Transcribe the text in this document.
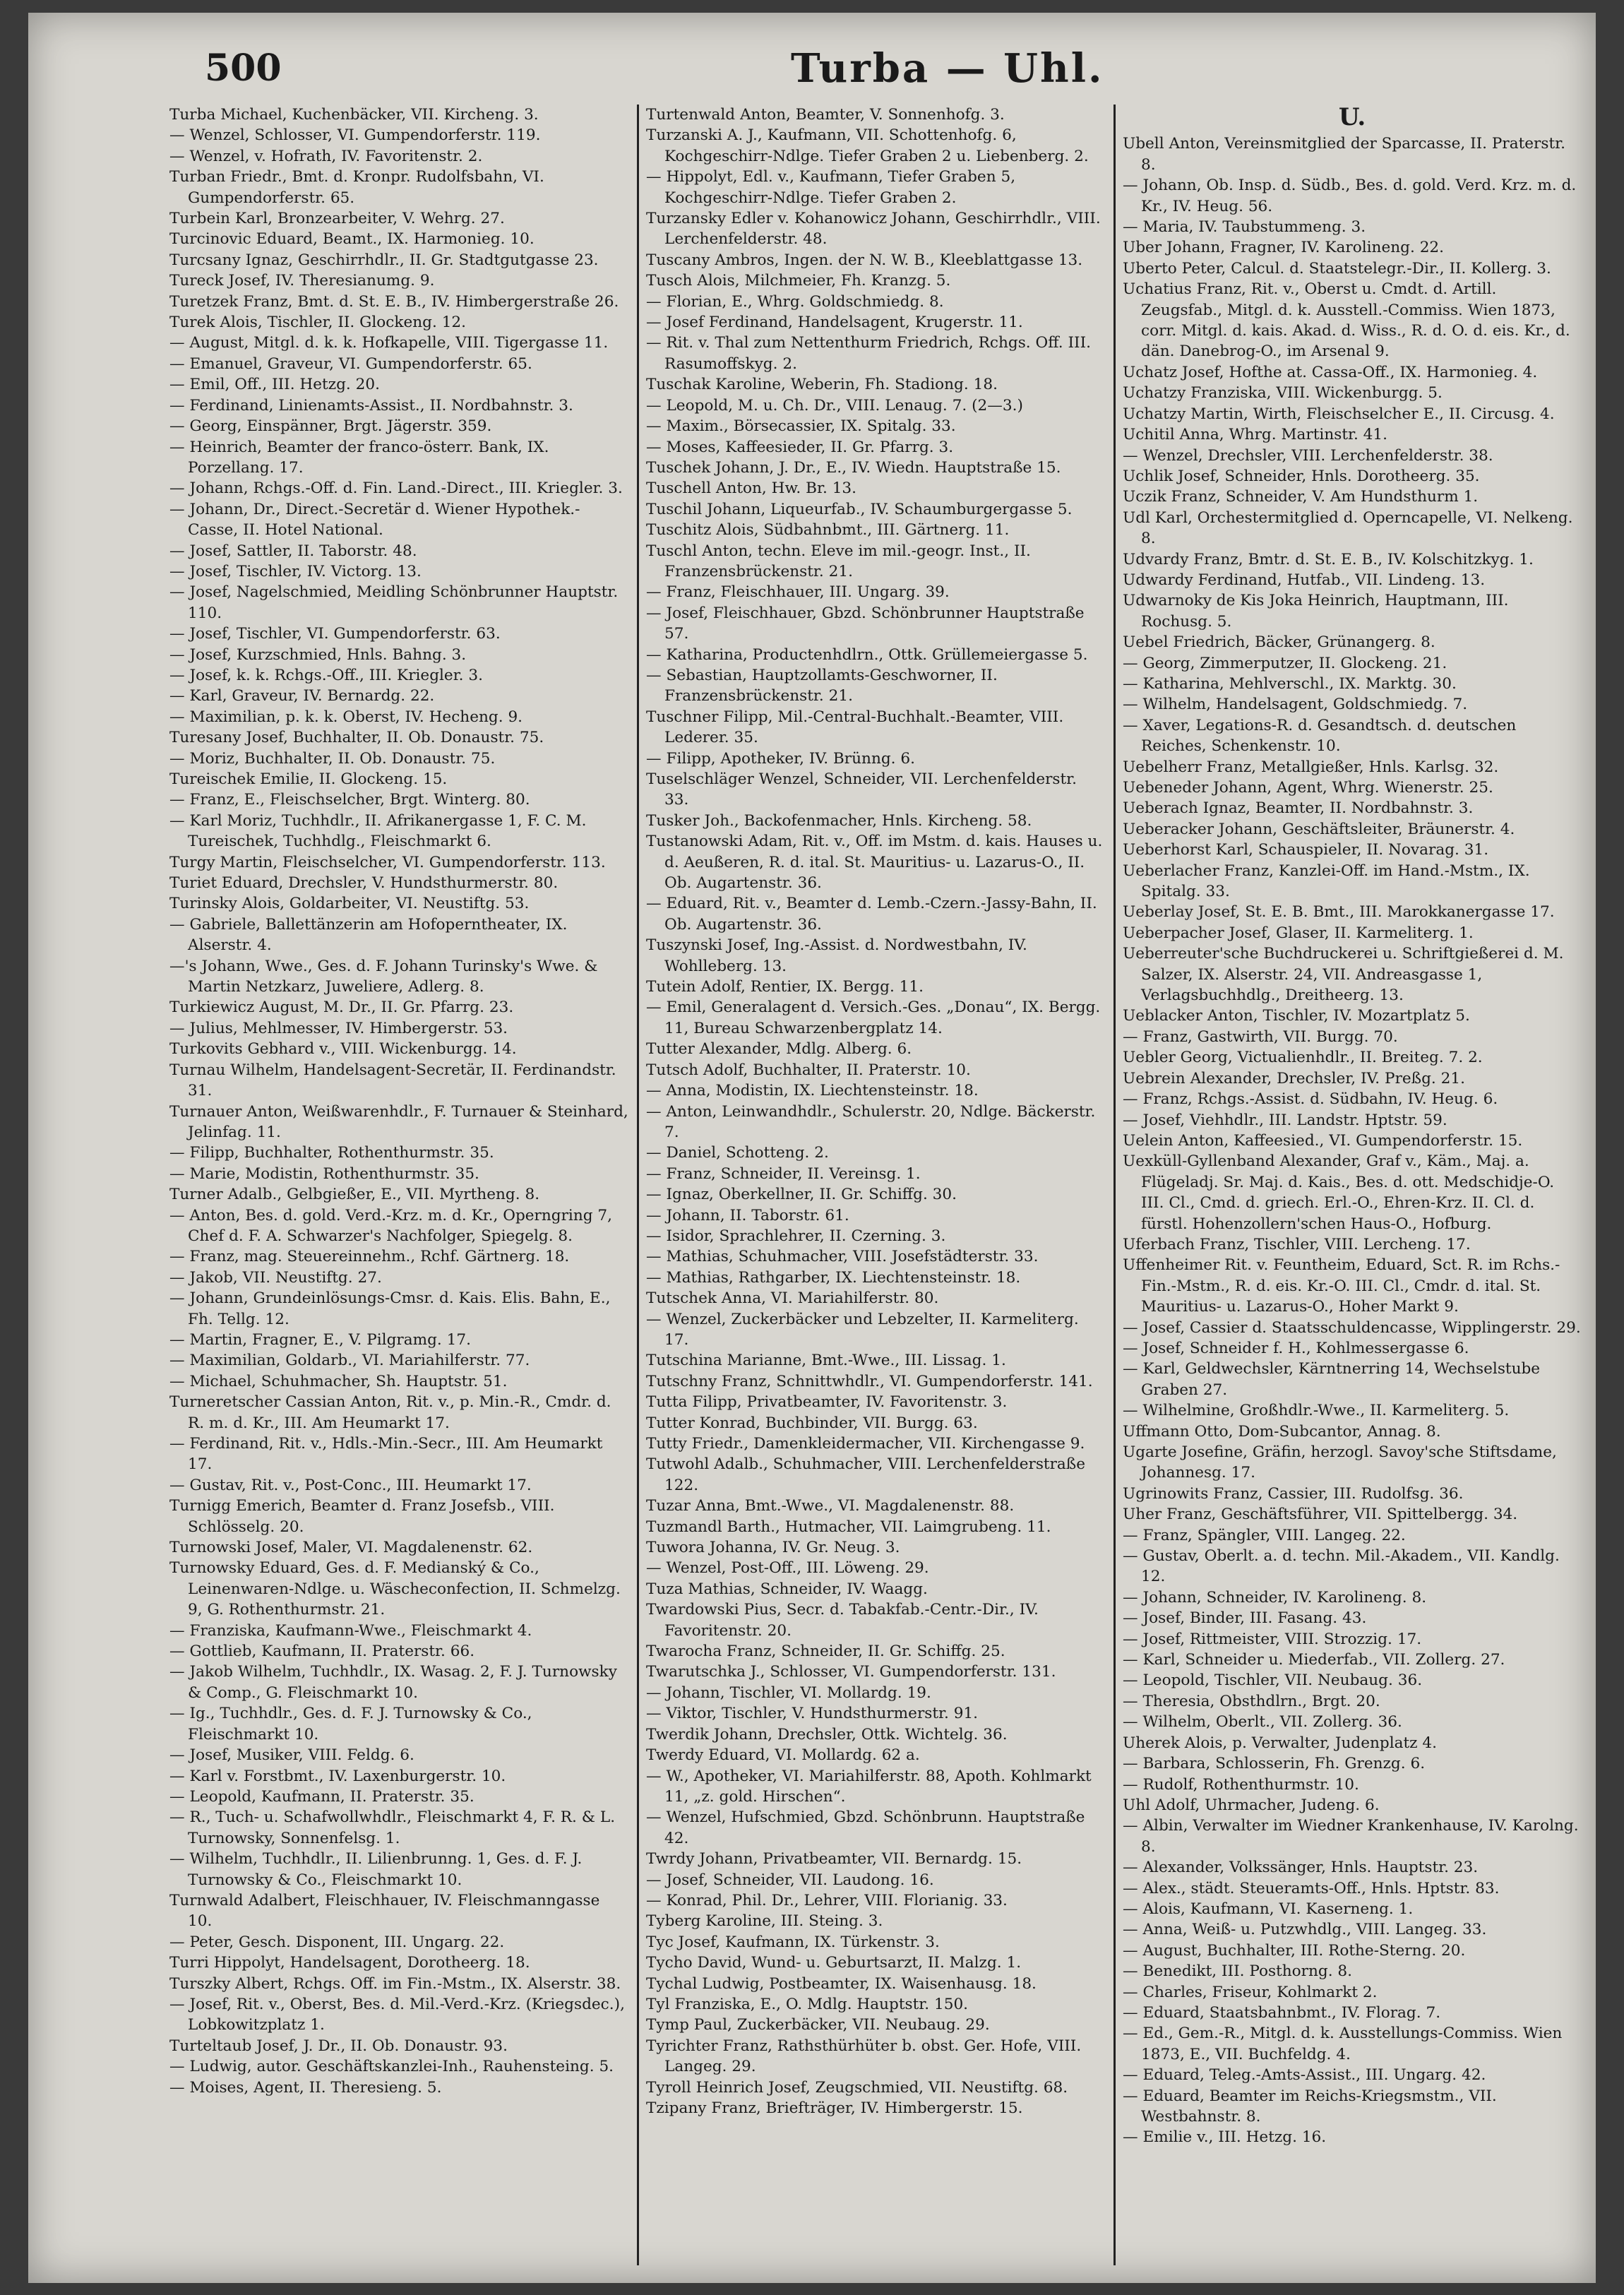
500	Turba — Uhl.
Turba Michael, Kuchenbäcker, VII. Kircheng. 3.
— Wenzel, Schlosser, VI. Gumpendorferstr. 119.
— Wenzel, v. Hofrath, IV. Favoritenstr. 2.
Turban Friedr., Bmt. d. Kronpr. Rudolfsbahn, VI. Gumpendorferstr. 65.
Turbein Karl, Bronzearbeiter, V. Wehrg. 27.
Turcinovic Eduard, Beamt., IX. Harmonieg. 10.
Turcsany Ignaz, Geschirrhdlr., II. Gr. Stadtgutgasse 23.
Tureck Josef, IV. Theresianumg. 9.
Turetzek Franz, Bmt. d. St. E. B., IV. Himbergerstraße 26.
Turek Alois, Tischler, II. Glockeng. 12.
— August, Mitgl. d. k. k. Hofkapelle, VIII. Tigergasse 11.
— Emanuel, Graveur, VI. Gumpendorferstr. 65.
— Emil, Off., III. Hetzg. 20.
— Ferdinand, Linienamts-Assist., II. Nordbahnstr. 3.
— Georg, Einspänner, Brgt. Jägerstr. 359.
— Heinrich, Beamter der franco-österr. Bank, IX. Porzellang. 17.
— Johann, Rchgs.-Off. d. Fin. Land.-Direct., III. Kriegler. 3.
— Johann, Dr., Direct.-Secretär d. Wiener Hypothek.-Casse, II. Hotel National.
— Josef, Sattler, II. Taborstr. 48.
— Josef, Tischler, IV. Victorg. 13.
— Josef, Nagelschmied, Meidling Schönbrunner Hauptstr. 110.
— Josef, Tischler, VI. Gumpendorferstr. 63.
— Josef, Kurzschmied, Hnls. Bahng. 3.
— Josef, k. k. Rchgs.-Off., III. Kriegler. 3.
— Karl, Graveur, IV. Bernardg. 22.
— Maximilian, p. k. k. Oberst, IV. Hecheng. 9.
Turesany Josef, Buchhalter, II. Ob. Donaustr. 75.
— Moriz, Buchhalter, II. Ob. Donaustr. 75.
Tureischek Emilie, II. Glockeng. 15.
— Franz, E., Fleischselcher, Brgt. Winterg. 80.
— Karl Moriz, Tuchhdlr., II. Afrikanergasse 1, F. C. M. Tureischek, Tuchhdlg., Fleischmarkt 6.
Turgy Martin, Fleischselcher, VI. Gumpendorferstr. 113.
Turiet Eduard, Drechsler, V. Hundsthurmerstr. 80.
Turinsky Alois, Goldarbeiter, VI. Neustiftg. 53.
— Gabriele, Ballettänzerin am Hofoperntheater, IX. Alserstr. 4.
—'s Johann, Wwe., Ges. d. F. Johann Turinsky's Wwe. & Martin Netzkarz, Juweliere, Adlerg. 8.
Turkiewicz August, M. Dr., II. Gr. Pfarrg. 23.
— Julius, Mehlmesser, IV. Himbergerstr. 53.
Turkovits Gebhard v., VIII. Wickenburgg. 14.
Turnau Wilhelm, Handelsagent-Secretär, II. Ferdinandstr. 31.
Turnauer Anton, Weißwarenhdlr., F. Turnauer & Steinhard, Jelinfag. 11.
— Filipp, Buchhalter, Rothenthurmstr. 35.
— Marie, Modistin, Rothenthurmstr. 35.
Turner Adalb., Gelbgießer, E., VII. Myrtheng. 8.
— Anton, Bes. d. gold. Verd.-Krz. m. d. Kr., Operngring 7, Chef d. F. A. Schwarzer's Nachfolger, Spiegelg. 8.
— Franz, mag. Steuereinnehm., Rchf. Gärtnerg. 18.
— Jakob, VII. Neustiftg. 27.
— Johann, Grundeinlösungs-Cmsr. d. Kais. Elis. Bahn, E., Fh. Tellg. 12.
— Martin, Fragner, E., V. Pilgramg. 17.
— Maximilian, Goldarb., VI. Mariahilferstr. 77.
— Michael, Schuhmacher, Sh. Hauptstr. 51.
Turneretscher Cassian Anton, Rit. v., p. Min.-R., Cmdr. d. R. m. d. Kr., III. Am Heumarkt 17.
— Ferdinand, Rit. v., Hdls.-Min.-Secr., III. Am Heumarkt 17.
— Gustav, Rit. v., Post-Conc., III. Heumarkt 17.
Turnigg Emerich, Beamter d. Franz Josefsb., VIII. Schlösselg. 20.
Turnowski Josef, Maler, VI. Magdalenenstr. 62.
Turnowsky Eduard, Ges. d. F. Medianský & Co., Leinenwaren-Ndlge. u. Wäscheconfection, II. Schmelzg. 9, G. Rothenthurmstr. 21.
— Franziska, Kaufmann-Wwe., Fleischmarkt 4.
— Gottlieb, Kaufmann, II. Praterstr. 66.
— Jakob Wilhelm, Tuchhdlr., IX. Wasag. 2, F. J. Turnowsky & Comp., G. Fleischmarkt 10.
— Ig., Tuchhdlr., Ges. d. F. J. Turnowsky & Co., Fleischmarkt 10.
— Josef, Musiker, VIII. Feldg. 6.
— Karl v. Forstbmt., IV. Laxenburgerstr. 10.
— Leopold, Kaufmann, II. Praterstr. 35.
— R., Tuch- u. Schafwollwhdlr., Fleischmarkt 4, F. R. & L. Turnowsky, Sonnenfelsg. 1.
— Wilhelm, Tuchhdlr., II. Lilienbrunng. 1, Ges. d. F. J. Turnowsky & Co., Fleischmarkt 10.
Turnwald Adalbert, Fleischhauer, IV. Fleischmanngasse 10.
— Peter, Gesch. Disponent, III. Ungarg. 22.
Turri Hippolyt, Handelsagent, Dorotheerg. 18.
Turszky Albert, Rchgs. Off. im Fin.-Mstm., IX. Alserstr. 38.
— Josef, Rit. v., Oberst, Bes. d. Mil.-Verd.-Krz. (Kriegsdec.), Lobkowitzplatz 1.
Turteltaub Josef, J. Dr., II. Ob. Donaustr. 93.
— Ludwig, autor. Geschäftskanzlei-Inh., Rauhensteing. 5.
— Moises, Agent, II. Theresieng. 5.
Turtenwald Anton, Beamter, V. Sonnenhofg. 3.
Turzanski A. J., Kaufmann, VII. Schottenhofg. 6, Kochgeschirr-Ndlge. Tiefer Graben 2 u. Liebenberg. 2.
— Hippolyt, Edl. v., Kaufmann, Tiefer Graben 5, Kochgeschirr-Ndlge. Tiefer Graben 2.
Turzansky Edler v. Kohanowicz Johann, Geschirrhdlr., VIII. Lerchenfelderstr. 48.
Tuscany Ambros, Ingen. der N. W. B., Kleeblattgasse 13.
Tusch Alois, Milchmeier, Fh. Kranzg. 5.
— Florian, E., Whrg. Goldschmiedg. 8.
— Josef Ferdinand, Handelsagent, Krugerstr. 11.
— Rit. v. Thal zum Nettenthurm Friedrich, Rchgs. Off. III. Rasumoffskyg. 2.
Tuschak Karoline, Weberin, Fh. Stadiong. 18.
— Leopold, M. u. Ch. Dr., VIII. Lenaug. 7. (2—3.)
— Maxim., Börsecassier, IX. Spitalg. 33.
— Moses, Kaffeesieder, II. Gr. Pfarrg. 3.
Tuschek Johann, J. Dr., E., IV. Wiedn. Hauptstraße 15.
Tuschell Anton, Hw. Br. 13.
Tuschil Johann, Liqueurfab., IV. Schaumburgergasse 5.
Tuschitz Alois, Südbahnbmt., III. Gärtnerg. 11.
Tuschl Anton, techn. Eleve im mil.-geogr. Inst., II. Franzensbrückenstr. 21.
— Franz, Fleischhauer, III. Ungarg. 39.
— Josef, Fleischhauer, Gbzd. Schönbrunner Hauptstraße 57.
— Katharina, Productenhdlrn., Ottk. Grüllemeiergasse 5.
— Sebastian, Hauptzollamts-Geschworner, II. Franzensbrückenstr. 21.
Tuschner Filipp, Mil.-Central-Buchhalt.-Beamter, VIII. Lederer. 35.
— Filipp, Apotheker, IV. Brünng. 6.
Tuselschläger Wenzel, Schneider, VII. Lerchenfelderstr. 33.
Tusker Joh., Backofenmacher, Hnls. Kircheng. 58.
Tustanowski Adam, Rit. v., Off. im Mstm. d. kais. Hauses u. d. Aeußeren, R. d. ital. St. Mauritius- u. Lazarus-O., II. Ob. Augartenstr. 36.
— Eduard, Rit. v., Beamter d. Lemb.-Czern.-Jassy-Bahn, II. Ob. Augartenstr. 36.
Tuszynski Josef, Ing.-Assist. d. Nordwestbahn, IV. Wohlleberg. 13.
Tutein Adolf, Rentier, IX. Bergg. 11.
— Emil, Generalagent d. Versich.-Ges. „Donau“, IX. Bergg. 11, Bureau Schwarzenbergplatz 14.
Tutter Alexander, Mdlg. Alberg. 6.
Tutsch Adolf, Buchhalter, II. Praterstr. 10.
— Anna, Modistin, IX. Liechtensteinstr. 18.
— Anton, Leinwandhdlr., Schulerstr. 20, Ndlge. Bäckerstr. 7.
— Daniel, Schotteng. 2.
— Franz, Schneider, II. Vereinsg. 1.
— Ignaz, Oberkellner, II. Gr. Schiffg. 30.
— Johann, II. Taborstr. 61.
— Isidor, Sprachlehrer, II. Czerning. 3.
— Mathias, Schuhmacher, VIII. Josefstädterstr. 33.
— Mathias, Rathgarber, IX. Liechtensteinstr. 18.
Tutschek Anna, VI. Mariahilferstr. 80.
— Wenzel, Zuckerbäcker und Lebzelter, II. Karmeliterg. 17.
Tutschina Marianne, Bmt.-Wwe., III. Lissag. 1.
Tutschny Franz, Schnittwhdlr., VI. Gumpendorferstr. 141.
Tutta Filipp, Privatbeamter, IV. Favoritenstr. 3.
Tutter Konrad, Buchbinder, VII. Burgg. 63.
Tutty Friedr., Damenkleidermacher, VII. Kirchengasse 9.
Tutwohl Adalb., Schuhmacher, VIII. Lerchenfelderstraße 122.
Tuzar Anna, Bmt.-Wwe., VI. Magdalenenstr. 88.
Tuzmandl Barth., Hutmacher, VII. Laimgrubeng. 11.
Tuwora Johanna, IV. Gr. Neug. 3.
— Wenzel, Post-Off., III. Löweng. 29.
Tuza Mathias, Schneider, IV. Waagg.
Twardowski Pius, Secr. d. Tabakfab.-Centr.-Dir., IV. Favoritenstr. 20.
Twarocha Franz, Schneider, II. Gr. Schiffg. 25.
Twarutschka J., Schlosser, VI. Gumpendorferstr. 131.
— Johann, Tischler, VI. Mollardg. 19.
— Viktor, Tischler, V. Hundsthurmerstr. 91.
Twerdik Johann, Drechsler, Ottk. Wichtelg. 36.
Twerdy Eduard, VI. Mollardg. 62 a.
— W., Apotheker, VI. Mariahilferstr. 88, Apoth. Kohlmarkt 11, „z. gold. Hirschen“.
— Wenzel, Hufschmied, Gbzd. Schönbrunn. Hauptstraße 42.
Twrdy Johann, Privatbeamter, VII. Bernardg. 15.
— Josef, Schneider, VII. Laudong. 16.
— Konrad, Phil. Dr., Lehrer, VIII. Florianig. 33.
Tyberg Karoline, III. Steing. 3.
Tyc Josef, Kaufmann, IX. Türkenstr. 3.
Tycho David, Wund- u. Geburtsarzt, II. Malzg. 1.
Tychal Ludwig, Postbeamter, IX. Waisenhausg. 18.
Tyl Franziska, E., O. Mdlg. Hauptstr. 150.
Tymp Paul, Zuckerbäcker, VII. Neubaug. 29.
Tyrichter Franz, Rathsthürhüter b. obst. Ger. Hofe, VIII. Langeg. 29.
Tyroll Heinrich Josef, Zeugschmied, VII. Neustiftg. 68.
Tzipany Franz, Briefträger, IV. Himbergerstr. 15.
U.
Ubell Anton, Vereinsmitglied der Sparcasse, II. Praterstr. 8.
— Johann, Ob. Insp. d. Südb., Bes. d. gold. Verd. Krz. m. d. Kr., IV. Heug. 56.
— Maria, IV. Taubstummeng. 3.
Uber Johann, Fragner, IV. Karolineng. 22.
Uberto Peter, Calcul. d. Staatstelegr.-Dir., II. Kollerg. 3.
Uchatius Franz, Rit. v., Oberst u. Cmdt. d. Artill. Zeugsfab., Mitgl. d. k. Ausstell.-Commiss. Wien 1873, corr. Mitgl. d. kais. Akad. d. Wiss., R. d. O. d. eis. Kr., d. dän. Danebrog-O., im Arsenal 9.
Uchatz Josef, Hofthe at. Cassa-Off., IX. Harmonieg. 4.
Uchatzy Franziska, VIII. Wickenburgg. 5.
Uchatzy Martin, Wirth, Fleischselcher E., II. Circusg. 4.
Uchitil Anna, Whrg. Martinstr. 41.
— Wenzel, Drechsler, VIII. Lerchenfelderstr. 38.
Uchlik Josef, Schneider, Hnls. Dorotheerg. 35.
Uczik Franz, Schneider, V. Am Hundsthurm 1.
Udl Karl, Orchestermitglied d. Operncapelle, VI. Nelkeng. 8.
Udvardy Franz, Bmtr. d. St. E. B., IV. Kolschitzkyg. 1.
Udwardy Ferdinand, Hutfab., VII. Lindeng. 13.
Udwarnoky de Kis Joka Heinrich, Hauptmann, III. Rochusg. 5.
Uebel Friedrich, Bäcker, Grünangerg. 8.
— Georg, Zimmerputzer, II. Glockeng. 21.
— Katharina, Mehlverschl., IX. Marktg. 30.
— Wilhelm, Handelsagent, Goldschmiedg. 7.
— Xaver, Legations-R. d. Gesandtsch. d. deutschen Reiches, Schenkenstr. 10.
Uebelherr Franz, Metallgießer, Hnls. Karlsg. 32.
Uebeneder Johann, Agent, Whrg. Wienerstr. 25.
Ueberach Ignaz, Beamter, II. Nordbahnstr. 3.
Ueberacker Johann, Geschäftsleiter, Bräunerstr. 4.
Ueberhorst Karl, Schauspieler, II. Novarag. 31.
Ueberlacher Franz, Kanzlei-Off. im Hand.-Mstm., IX. Spitalg. 33.
Ueberlay Josef, St. E. B. Bmt., III. Marokkanergasse 17.
Ueberpacher Josef, Glaser, II. Karmeliterg. 1.
Ueberreuter'sche Buchdruckerei u. Schriftgießerei d. M. Salzer, IX. Alserstr. 24, VII. Andreasgasse 1, Verlagsbuchhdlg., Dreitheerg. 13.
Ueblacker Anton, Tischler, IV. Mozartplatz 5.
— Franz, Gastwirth, VII. Burgg. 70.
Uebler Georg, Victualienhdlr., II. Breiteg. 7. 2.
Uebrein Alexander, Drechsler, IV. Preßg. 21.
— Franz, Rchgs.-Assist. d. Südbahn, IV. Heug. 6.
— Josef, Viehhdlr., III. Landstr. Hptstr. 59.
Uelein Anton, Kaffeesied., VI. Gumpendorferstr. 15.
Uexküll-Gyllenband Alexander, Graf v., Käm., Maj. a. Flügeladj. Sr. Maj. d. Kais., Bes. d. ott. Medschidje-O. III. Cl., Cmd. d. griech. Erl.-O., Ehren-Krz. II. Cl. d. fürstl. Hohenzollern'schen Haus-O., Hofburg.
Uferbach Franz, Tischler, VIII. Lercheng. 17.
Uffenheimer Rit. v. Feuntheim, Eduard, Sct. R. im Rchs.-Fin.-Mstm., R. d. eis. Kr.-O. III. Cl., Cmdr. d. ital. St. Mauritius- u. Lazarus-O., Hoher Markt 9.
— Josef, Cassier d. Staatsschuldencasse, Wipplingerstr. 29.
— Josef, Schneider f. H., Kohlmessergasse 6.
— Karl, Geldwechsler, Kärntnerring 14, Wechselstube Graben 27.
— Wilhelmine, Großhdlr.-Wwe., II. Karmeliterg. 5.
Uffmann Otto, Dom-Subcantor, Annag. 8.
Ugarte Josefine, Gräfin, herzogl. Savoy'sche Stiftsdame, Johannesg. 17.
Ugrinowits Franz, Cassier, III. Rudolfsg. 36.
Uher Franz, Geschäftsführer, VII. Spittelbergg. 34.
— Franz, Spängler, VIII. Langeg. 22.
— Gustav, Oberlt. a. d. techn. Mil.-Akadem., VII. Kandlg. 12.
— Johann, Schneider, IV. Karolineng. 8.
— Josef, Binder, III. Fasang. 43.
— Josef, Rittmeister, VIII. Strozzig. 17.
— Karl, Schneider u. Miederfab., VII. Zollerg. 27.
— Leopold, Tischler, VII. Neubaug. 36.
— Theresia, Obsthdlrn., Brgt. 20.
— Wilhelm, Oberlt., VII. Zollerg. 36.
Uherek Alois, p. Verwalter, Judenplatz 4.
— Barbara, Schlosserin, Fh. Grenzg. 6.
— Rudolf, Rothenthurmstr. 10.
Uhl Adolf, Uhrmacher, Judeng. 6.
— Albin, Verwalter im Wiedner Krankenhause, IV. Karolng. 8.
— Alexander, Volkssänger, Hnls. Hauptstr. 23.
— Alex., städt. Steueramts-Off., Hnls. Hptstr. 83.
— Alois, Kaufmann, VI. Kaserneng. 1.
— Anna, Weiß- u. Putzwhdlg., VIII. Langeg. 33.
— August, Buchhalter, III. Rothe-Sterng. 20.
— Benedikt, III. Posthorng. 8.
— Charles, Friseur, Kohlmarkt 2.
— Eduard, Staatsbahnbmt., IV. Florag. 7.
— Ed., Gem.-R., Mitgl. d. k. Ausstellungs-Commiss. Wien 1873, E., VII. Buchfeldg. 4.
— Eduard, Teleg.-Amts-Assist., III. Ungarg. 42.
— Eduard, Beamter im Reichs-Kriegsmstm., VII. Westbahnstr. 8.
— Emilie v., III. Hetzg. 16.
